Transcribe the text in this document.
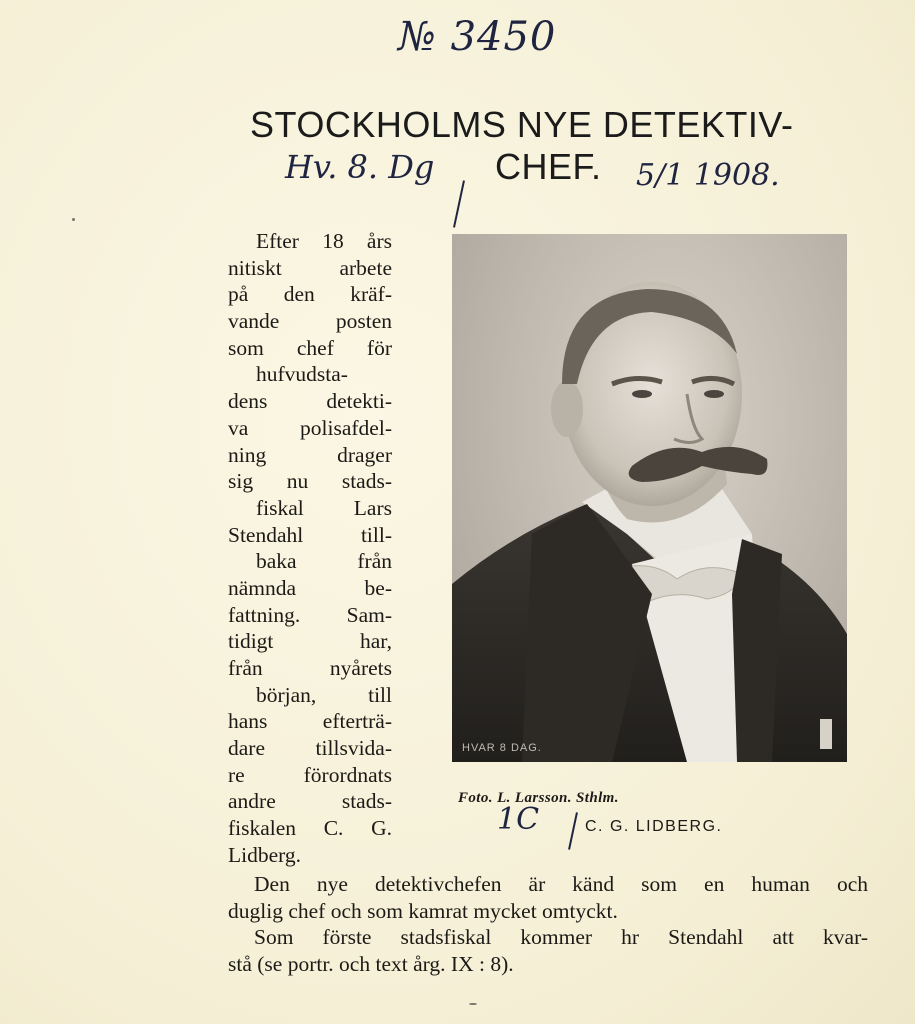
№ 3450
STOCKHOLMS NYE DETEKTIV-
CHEF.
Hv. 8. Dg	5/1 1908.
Efter 18 års
nitiskt arbete
på den kräf-
vande posten
som chef för
hufvudsta-
dens detekti-
va polisafdel-
ning drager
sig nu stads-
fiskal Lars
Stendahl till-
baka från
nämnda be-
fattning. Sam-
tidigt har,
från nyårets
början, till
hans efterträ-
dare tillsvida-
re förordnats
andre stads-
fiskalen C. G.
Lidberg.
HVAR 8 DAG.
Foto. L. Larsson. Sthlm.
1C	C. G. LIDBERG.
Den nye detektivchefen är känd som en human och
duglig chef och som kamrat mycket omtyckt.
Som förste stadsfiskal kommer hr Stendahl att kvar-
stå (se portr. och text årg. IX : 8).
